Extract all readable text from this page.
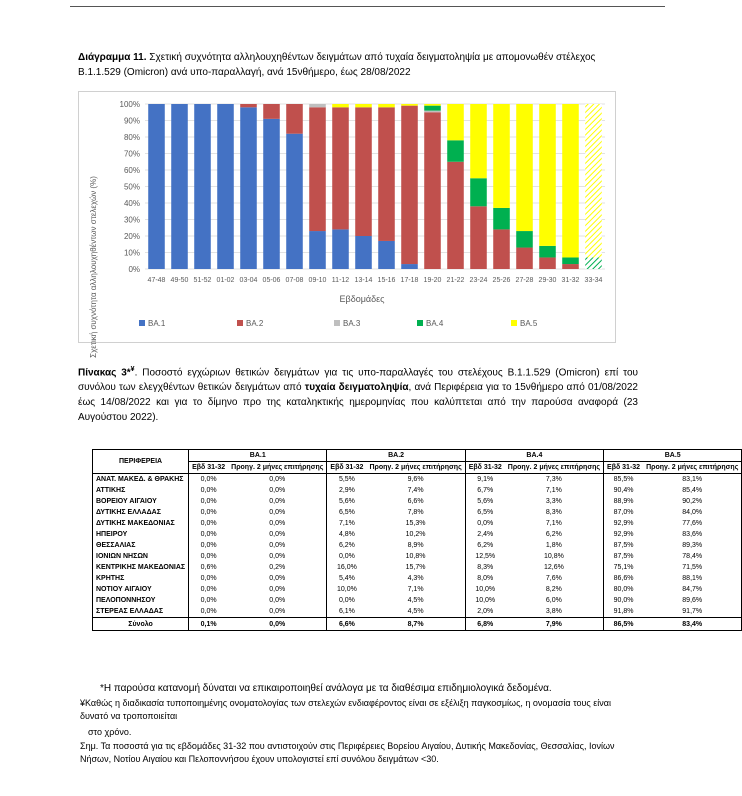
Διάγραμμα 11. Σχετική συχνότητα αλληλουχηθέντων δειγμάτων από τυχαία δειγματοληψία με απομονωθέν στέλεχος B.1.1.529 (Omicron) ανά υπο-παραλλαγή, ανά 15νθήμερο, έως 28/08/2022
0%
10%
20%
30%
40%
50%
60%
70%
80%
90%
100%
47-48 49-50 51-52 01-02 03-04 05-06 07-08 09-10 11-12 13-14 15-16 17-18 19-20 21-22 23-24 25-26 27-28 29-30 31-32 33-34
Σχετική συχνότητα αλληλουχηθέντων στελεχών (%)	Εβδομάδες
BA.1	BA.2	BA.3	BA.4	BA.5
Πίνακας 3*¥. Ποσοστό εγχώριων θετικών δειγμάτων για τις υπο-παραλλαγές του στελέχους B.1.1.529 (Omicron) επί του συνόλου των ελεγχθέντων θετικών δειγμάτων από τυχαία δειγματοληψία, ανά Περιφέρεια για το 15νθήμερο από 01/08/2022 έως 14/08/2022 και για το δίμηνο προ της καταληκτικής ημερομηνίας που καλύπτεται από την παρούσα αναφορά (23 Αυγούστου 2022).
ΠΕΡΙΦΕΡΕΙΑ	BA.1		BA.2		BA.4		BA.5	
	Εβδ 31-32	Προηγ. 2 μήνες επιτήρησης	Εβδ 31-32	Προηγ. 2 μήνες επιτήρησης	Εβδ 31-32	Προηγ. 2 μήνες επιτήρησης	Εβδ 31-32	Προηγ. 2 μήνες επιτήρησης
ΑΝΑΤ. ΜΑΚΕΔ. & ΘΡΑΚΗΣ	0,0%	0,0%	5,5%	9,6%	9,1%	7,3%	85,5%	83,1%
ΑΤΤΙΚΗΣ	0,0%	0,0%	2,9%	7,4%	6,7%	7,1%	90,4%	85,4%
ΒΟΡΕΙΟΥ ΑΙΓΑΙΟΥ	0,0%	0,0%	5,6%	6,6%	5,6%	3,3%	88,9%	90,2%
ΔΥΤΙΚΗΣ ΕΛΛΑΔΑΣ	0,0%	0,0%	6,5%	7,8%	6,5%	8,3%	87,0%	84,0%
ΔΥΤΙΚΗΣ ΜΑΚΕΔΟΝΙΑΣ	0,0%	0,0%	7,1%	15,3%	0,0%	7,1%	92,9%	77,6%
ΗΠΕΙΡΟΥ	0,0%	0,0%	4,8%	10,2%	2,4%	6,2%	92,9%	83,6%
ΘΕΣΣΑΛΙΑΣ	0,0%	0,0%	6,2%	8,9%	6,2%	1,8%	87,5%	89,3%
ΙΟΝΙΩΝ ΝΗΣΩΝ	0,0%	0,0%	0,0%	10,8%	12,5%	10,8%	87,5%	78,4%
ΚΕΝΤΡΙΚΗΣ ΜΑΚΕΔΟΝΙΑΣ	0,6%	0,2%	16,0%	15,7%	8,3%	12,6%	75,1%	71,5%
ΚΡΗΤΗΣ	0,0%	0,0%	5,4%	4,3%	8,0%	7,6%	86,6%	88,1%
ΝΟΤΙΟΥ ΑΙΓΑΙΟΥ	0,0%	0,0%	10,0%	7,1%	10,0%	8,2%	80,0%	84,7%
ΠΕΛΟΠΟΝΝΗΣΟΥ	0,0%	0,0%	0,0%	4,5%	10,0%	6,0%	90,0%	89,6%
ΣΤΕΡΕΑΣ ΕΛΛΑΔΑΣ	0,0%	0,0%	6,1%	4,5%	2,0%	3,8%	91,8%	91,7%
Σύνολο	0,1%	0,0%	6,6%	8,7%	6,8%	7,9%	86,5%	83,4%
*Η παρούσα κατανομή δύναται να επικαιροποιηθεί ανάλογα με τα διαθέσιμα επιδημιολογικά δεδομένα.
¥Καθώς η διαδικασία τυποποιημένης ονοματολογίας των στελεχών ενδιαφέροντος είναι σε εξέλιξη παγκοσμίως, η ονομασία τους είναι δυνατό να τροποποιείται
στο χρόνο.
Σημ. Τα ποσοστά για τις εβδομάδες 31-32 που αντιστοιχούν στις Περιφέρειες Βορείου Αιγαίου, Δυτικής Μακεδονίας, Θεσσαλίας, Ιονίων Νήσων, Νοτίου Αιγαίου και Πελοποννήσου έχουν υπολογιστεί επί συνόλου δειγμάτων <30.
